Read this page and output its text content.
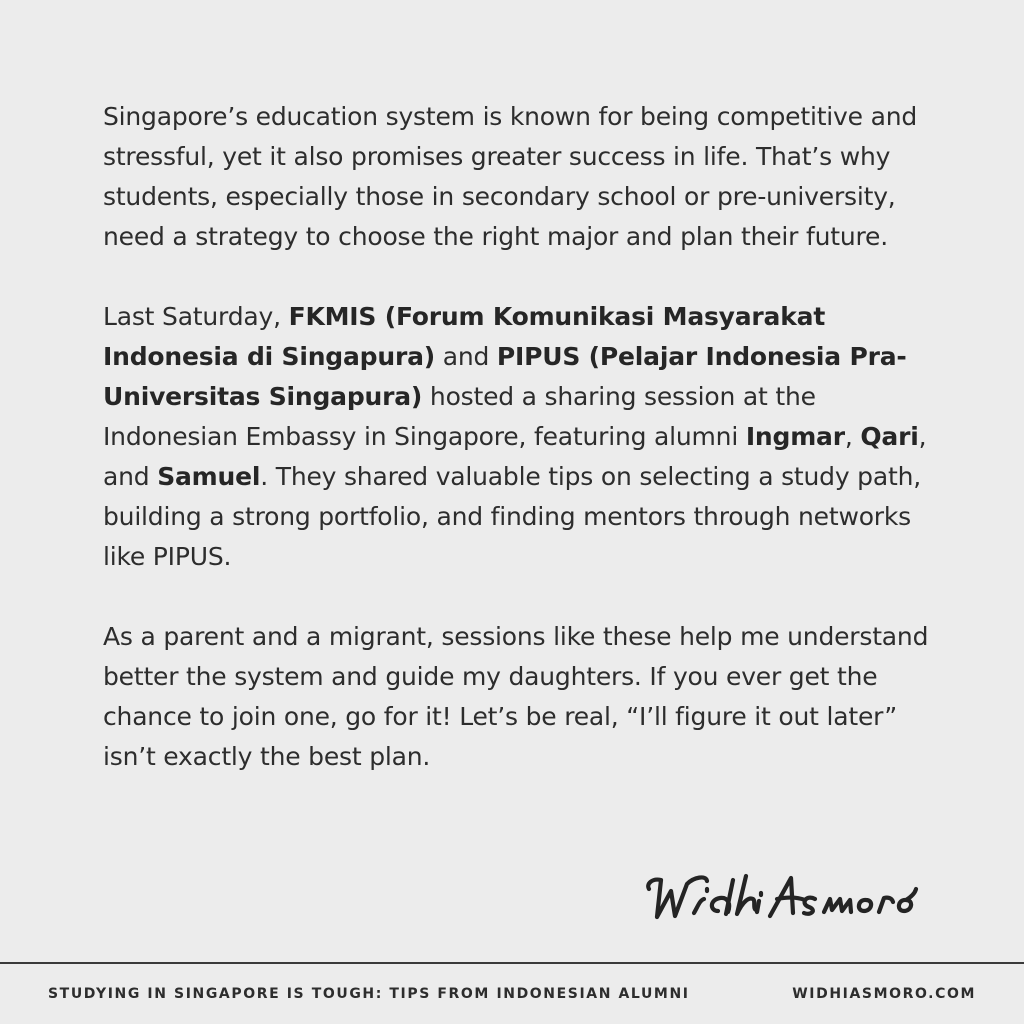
Singapore’s education system is known for being competitive and stressful, yet it also promises greater success in life. That’s why students, especially those in secondary school or pre-university, need a strategy to choose the right major and plan their future.

Last Saturday, FKMIS (Forum Komunikasi Masyarakat Indonesia di Singapura) and PIPUS (Pelajar Indonesia Pra-Universitas Singapura) hosted a sharing session at the Indonesian Embassy in Singapore, featuring alumni Ingmar, Qari, and Samuel. They shared valuable tips on selecting a study path, building a strong portfolio, and finding mentors through networks like PIPUS.

As a parent and a migrant, sessions like these help me understand better the system and guide my daughters. If you ever get the chance to join one, go for it! Let’s be real, “I’ll figure it out later” isn’t exactly the best plan.

STUDYING IN SINGAPORE IS TOUGH: TIPS FROM INDONESIAN ALUMNI	WIDHIASMORO.COM
